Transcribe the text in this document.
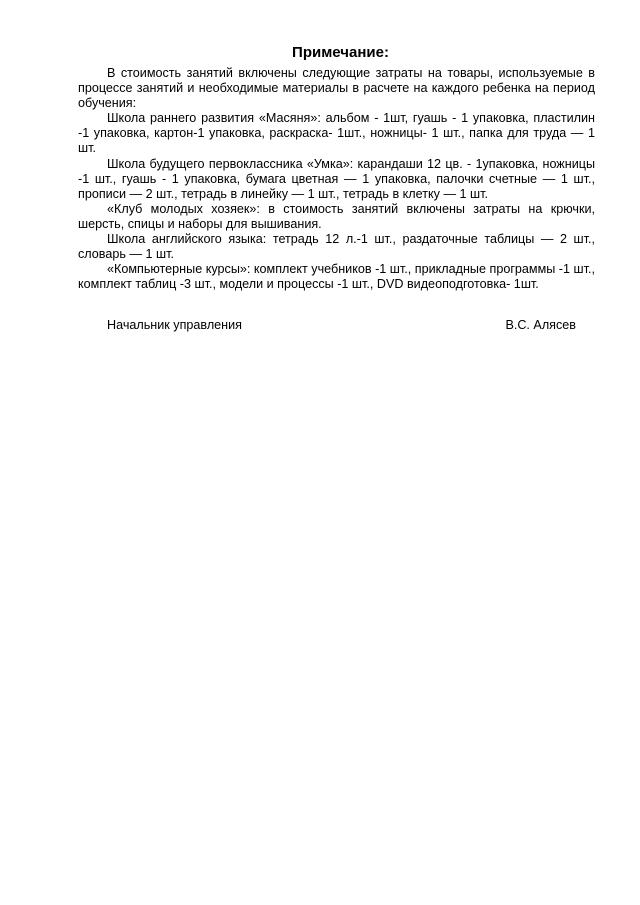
Примечание:

В стоимость занятий включены следующие затраты на товары, используемые в процессе занятий и необходимые материалы в расчете на каждого ребенка на период обучения:

Школа раннего развития «Масяня»: альбом - 1шт, гуашь - 1 упаковка, пластилин -1 упаковка, картон-1 упаковка, раскраска- 1шт., ножницы- 1 шт., папка для труда — 1 шт.

Школа будущего первоклассника «Умка»: карандаши 12 цв. - 1упаковка, ножницы -1 шт., гуашь - 1 упаковка, бумага цветная — 1 упаковка, палочки счетные — 1 шт., прописи — 2 шт., тетрадь в линейку — 1 шт., тетрадь в клетку — 1 шт.

«Клуб молодых хозяек»: в стоимость занятий включены затраты на крючки, шерсть, спицы и наборы для вышивания.

Школа английского языка: тетрадь 12 л.-1 шт., раздаточные таблицы — 2 шт., словарь — 1 шт.

«Компьютерные курсы»: комплект учебников -1 шт., прикладные программы -1 шт., комплект таблиц -3 шт., модели и процессы -1 шт., DVD видеоподготовка- 1шт.

Начальник управления	В.С. Алясев
